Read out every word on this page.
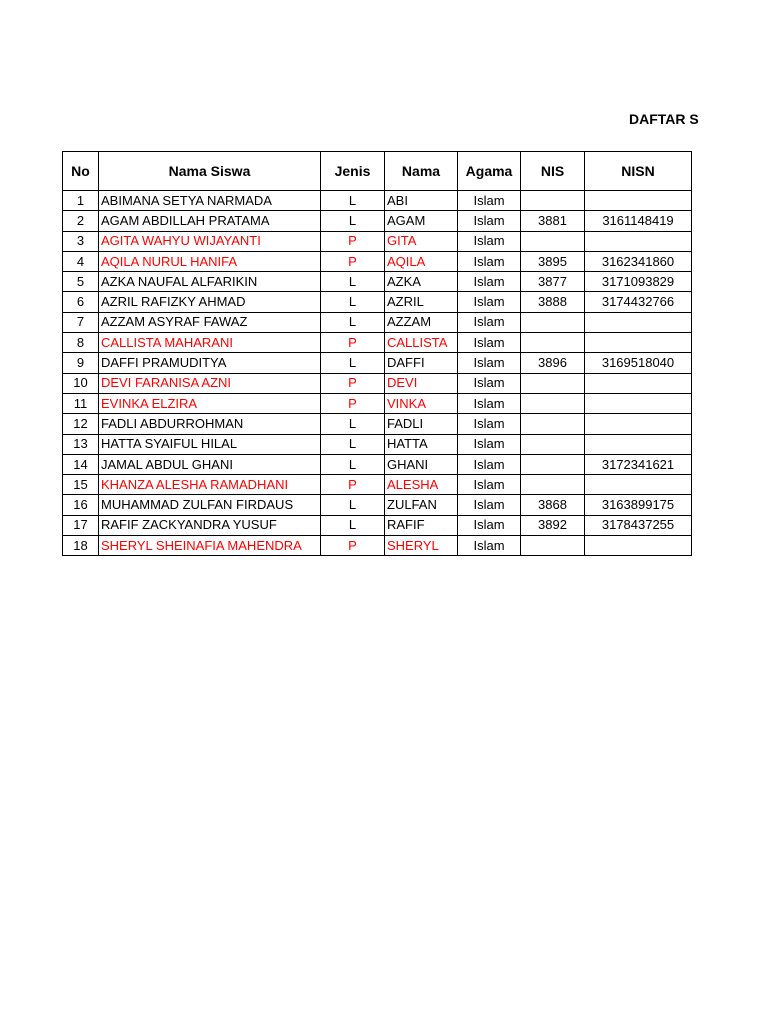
DAFTAR S
No	Nama Siswa	Jenis	Nama	Agama	NIS	NISN
1	ABIMANA SETYA NARMADA	L	ABI	Islam		
2	AGAM ABDILLAH PRATAMA	L	AGAM	Islam	3881	3161148419
3	AGITA WAHYU WIJAYANTI	P	GITA	Islam		
4	AQILA NURUL HANIFA	P	AQILA	Islam	3895	3162341860
5	AZKA NAUFAL ALFARIKIN	L	AZKA	Islam	3877	3171093829
6	AZRIL RAFIZKY AHMAD	L	AZRIL	Islam	3888	3174432766
7	AZZAM ASYRAF FAWAZ	L	AZZAM	Islam		
8	CALLISTA MAHARANI	P	CALLISTA	Islam		
9	DAFFI PRAMUDITYA	L	DAFFI	Islam	3896	3169518040
10	DEVI FARANISA AZNI	P	DEVI	Islam		
11	EVINKA ELZIRA	P	VINKA	Islam		
12	FADLI ABDURROHMAN	L	FADLI	Islam		
13	HATTA SYAIFUL HILAL	L	HATTA	Islam		
14	JAMAL ABDUL GHANI	L	GHANI	Islam		3172341621
15	KHANZA ALESHA RAMADHANI	P	ALESHA	Islam		
16	MUHAMMAD ZULFAN FIRDAUS	L	ZULFAN	Islam	3868	3163899175
17	RAFIF ZACKYANDRA YUSUF	L	RAFIF	Islam	3892	3178437255
18	SHERYL SHEINAFIA MAHENDRA	P	SHERYL	Islam		
